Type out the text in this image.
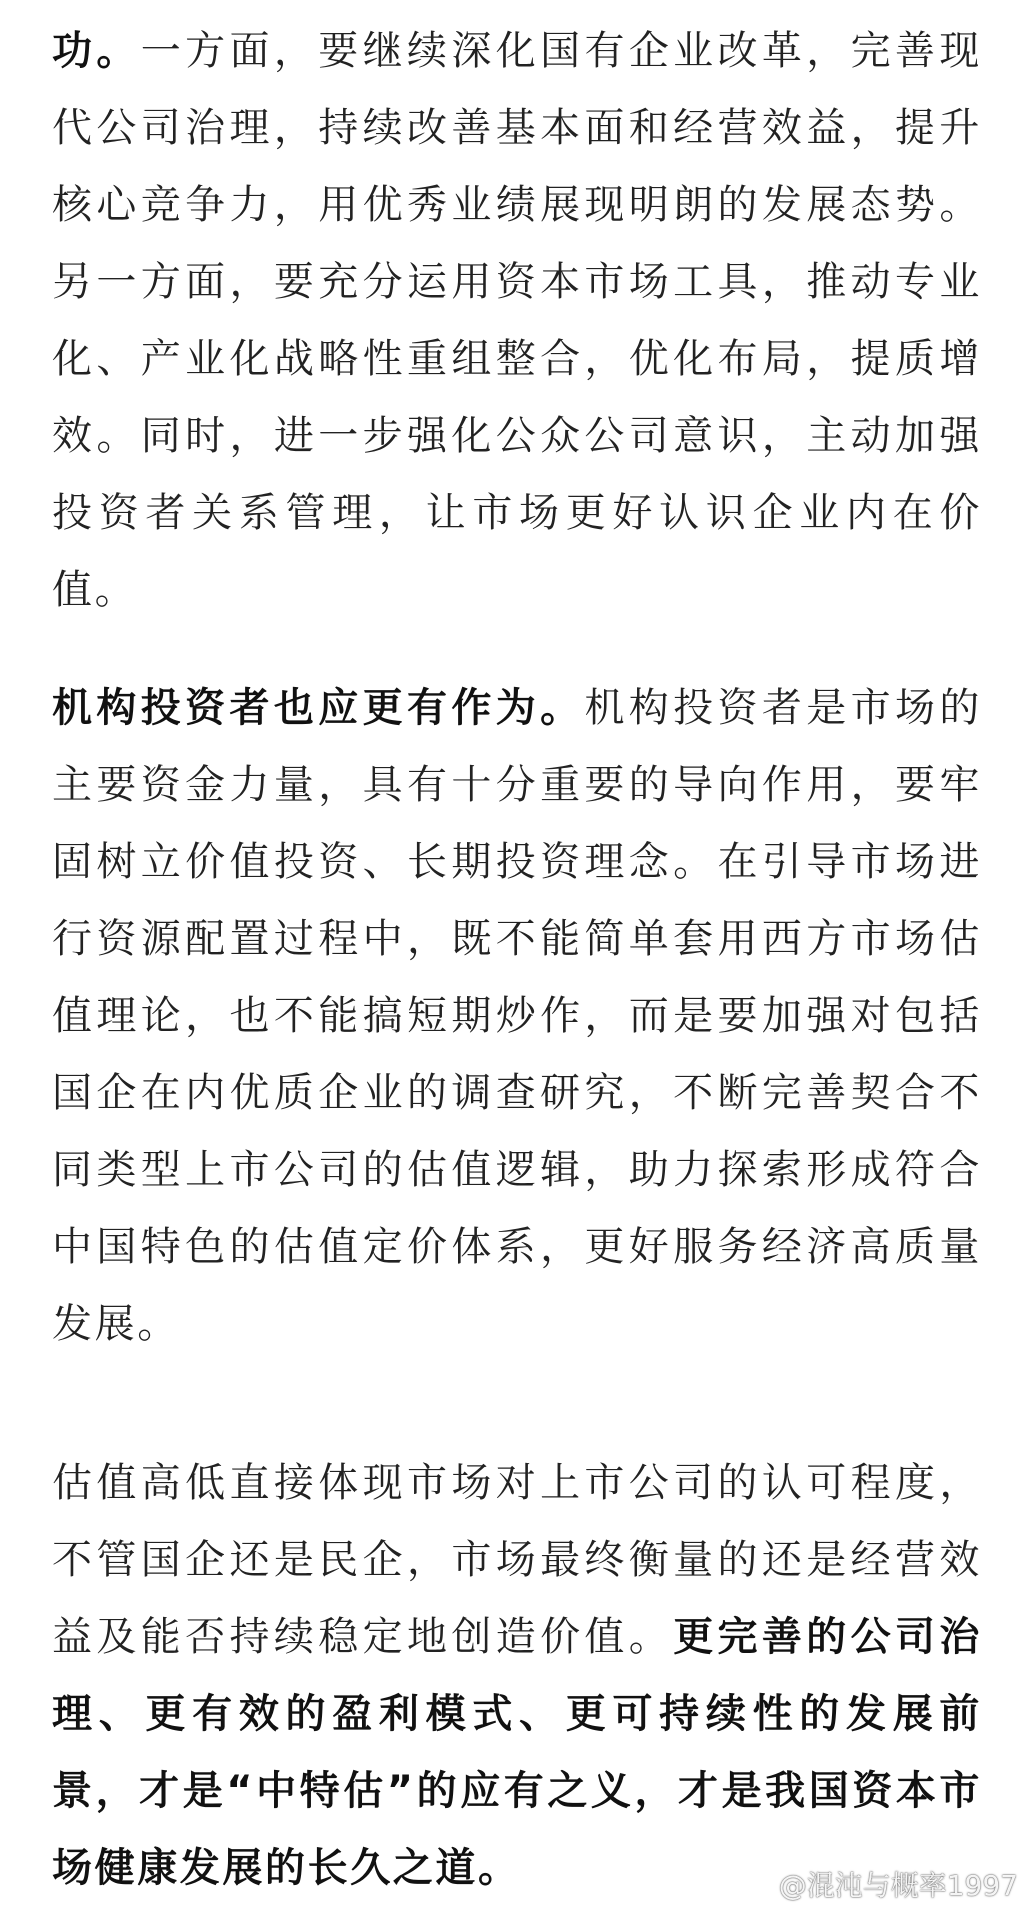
功。一方面，要继续深化国有企业改革，完善现代公司治理，持续改善基本面和经营效益，提升核心竞争力，用优秀业绩展现明朗的发展态势。另一方面，要充分运用资本市场工具，推动专业化、产业化战略性重组整合，优化布局，提质增效。同时，进一步强化公众公司意识，主动加强投资者关系管理，让市场更好认识企业内在价值。

机构投资者也应更有作为。机构投资者是市场的主要资金力量，具有十分重要的导向作用，要牢固树立价值投资、长期投资理念。在引导市场进行资源配置过程中，既不能简单套用西方市场估值理论，也不能搞短期炒作，而是要加强对包括国企在内优质企业的调查研究，不断完善契合不同类型上市公司的估值逻辑，助力探索形成符合中国特色的估值定价体系，更好服务经济高质量发展。

估值高低直接体现市场对上市公司的认可程度，不管国企还是民企，市场最终衡量的还是经营效益及能否持续稳定地创造价值。更完善的公司治理、更有效的盈利模式、更可持续性的发展前景，才是“中特估”的应有之义，才是我国资本市场健康发展的长久之道。	@混沌与概率1997
